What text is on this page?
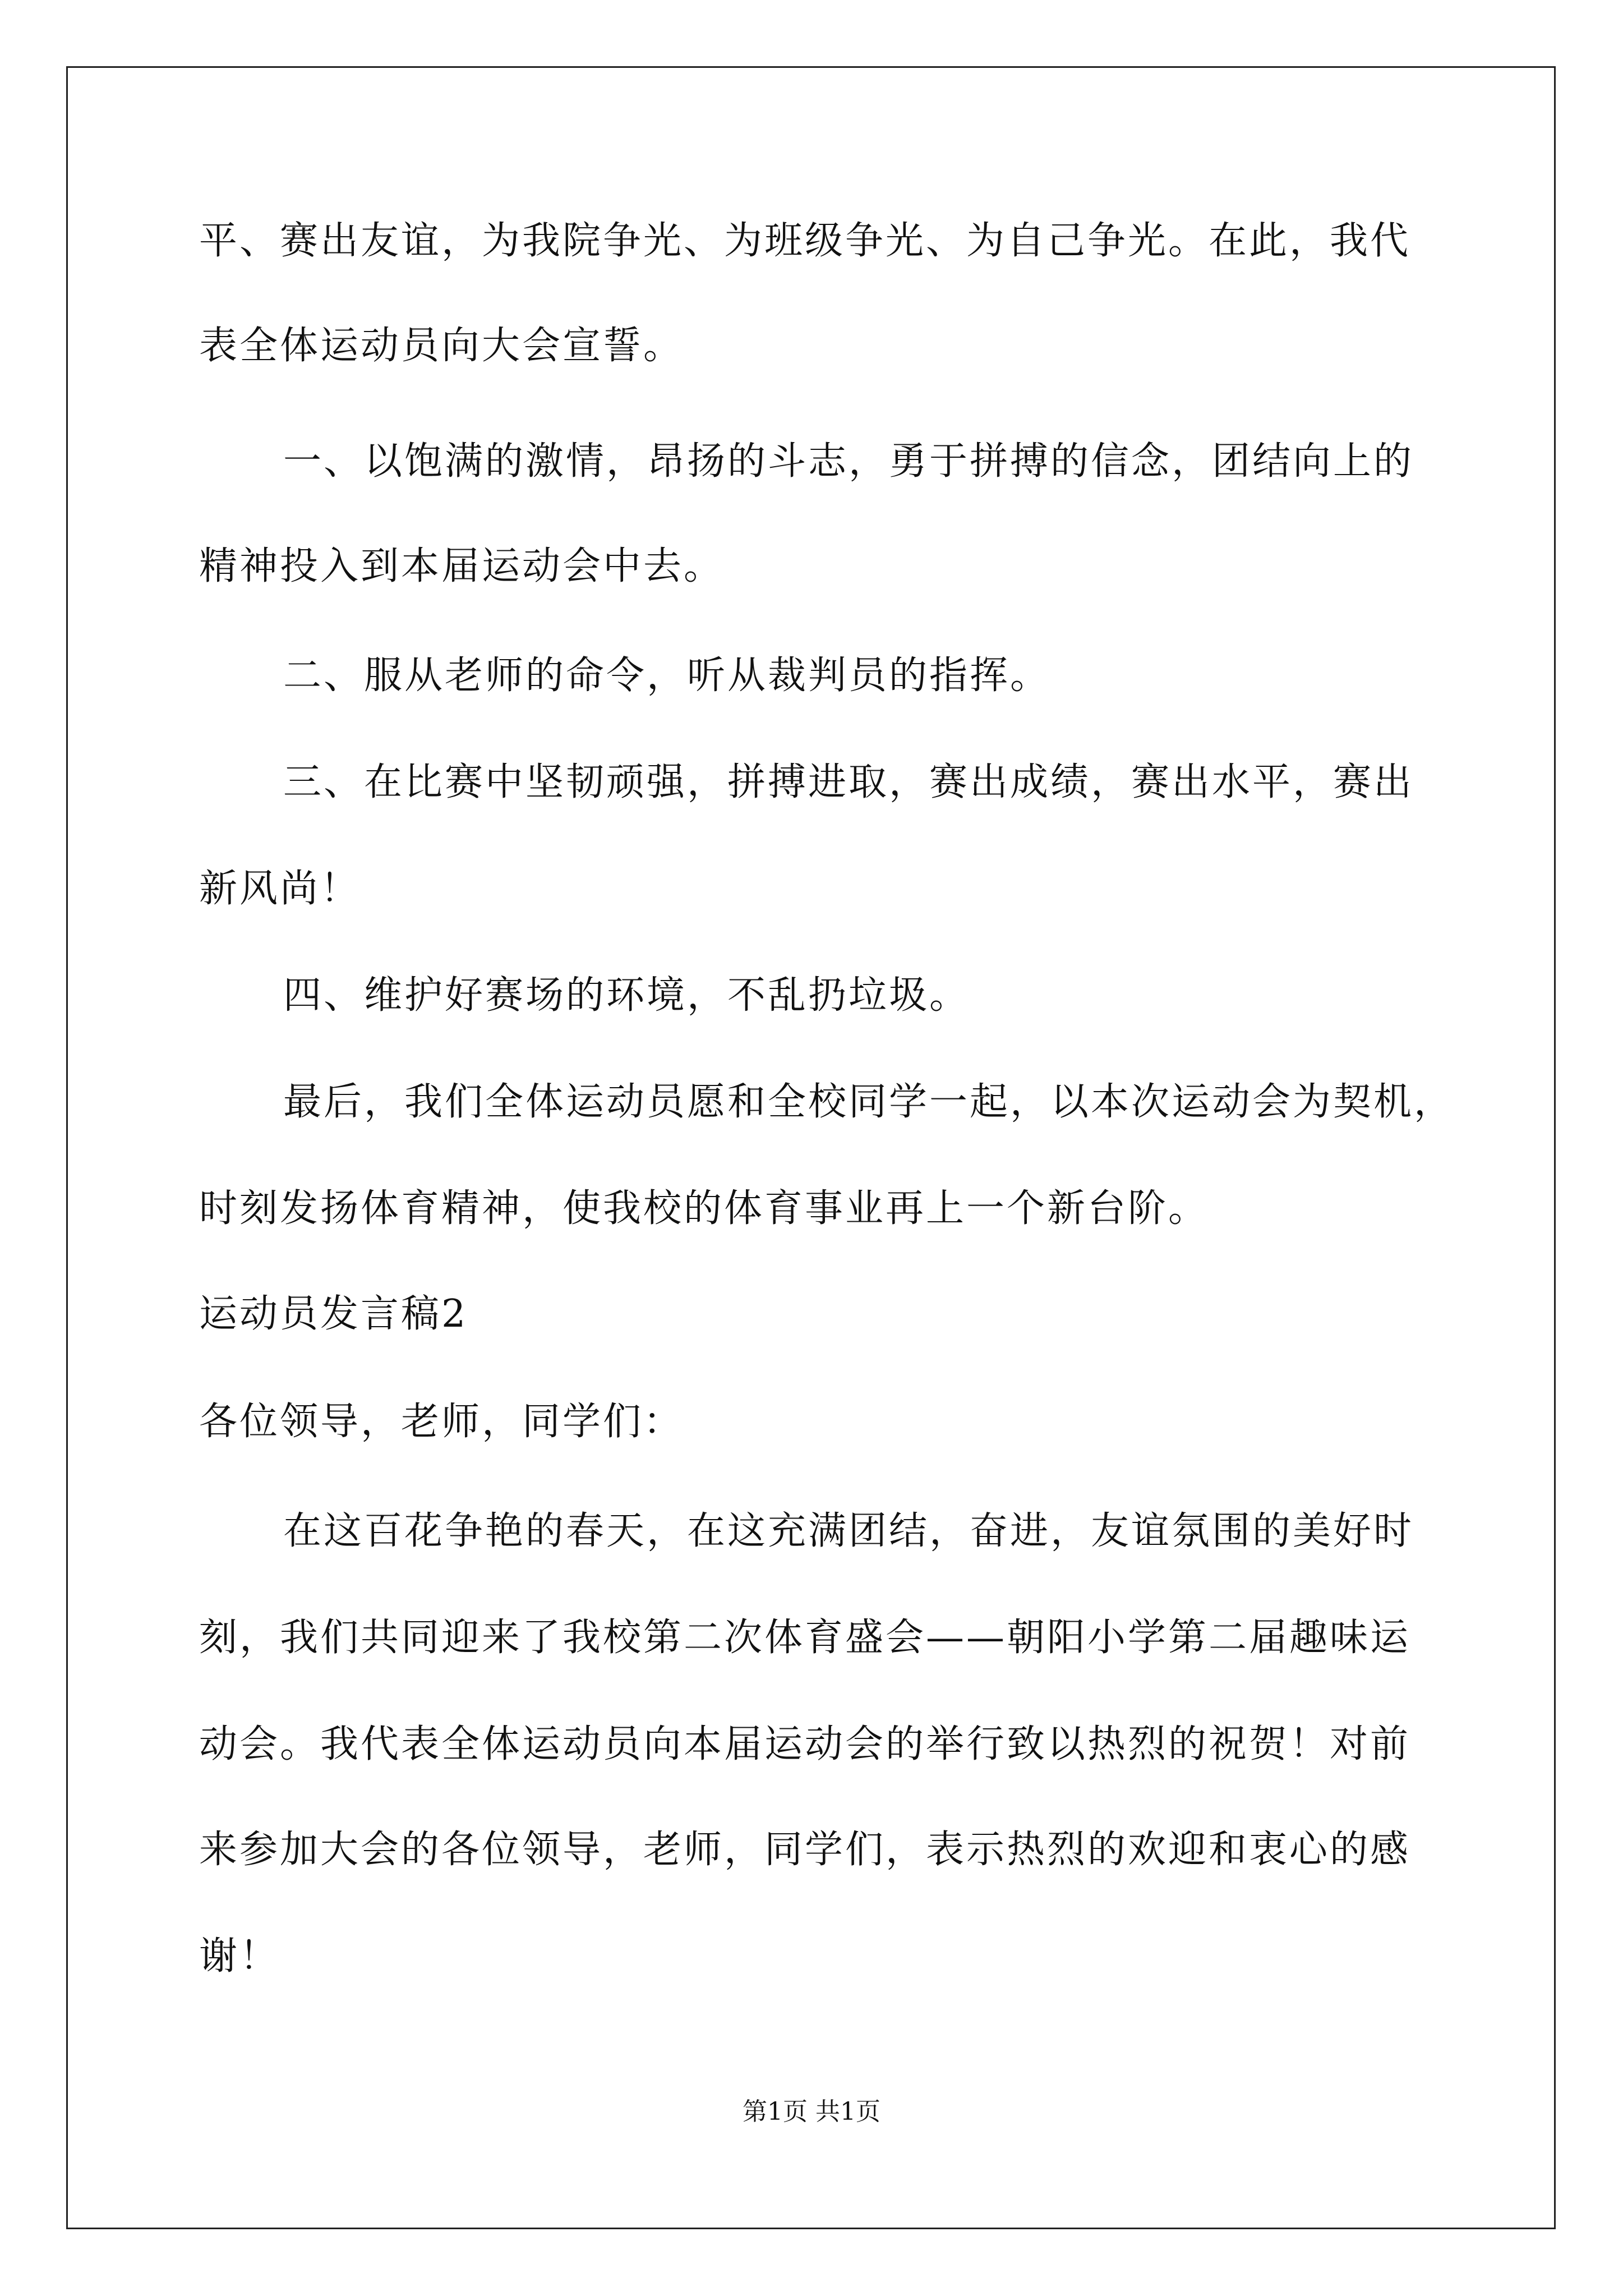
平、赛出友谊，为我院争光、为班级争光、为自己争光。在此，我代
表全体运动员向大会宣誓。
一、以饱满的激情，昂扬的斗志，勇于拼搏的信念，团结向上的
精神投入到本届运动会中去。
二、服从老师的命令，听从裁判员的指挥。
三、在比赛中坚韧顽强，拼搏进取，赛出成绩，赛出水平，赛出
新风尚！
四、维护好赛场的环境，不乱扔垃圾。
最后，我们全体运动员愿和全校同学一起，以本次运动会为契机，
时刻发扬体育精神，使我校的体育事业再上一个新台阶。
运动员发言稿2
各位领导，老师，同学们：
在这百花争艳的春天，在这充满团结，奋进，友谊氛围的美好时
刻，我们共同迎来了我校第二次体育盛会——朝阳小学第二届趣味运
动会。我代表全体运动员向本届运动会的举行致以热烈的祝贺！对前
来参加大会的各位领导，老师，同学们，表示热烈的欢迎和衷心的感
谢！
第1页 共1页
